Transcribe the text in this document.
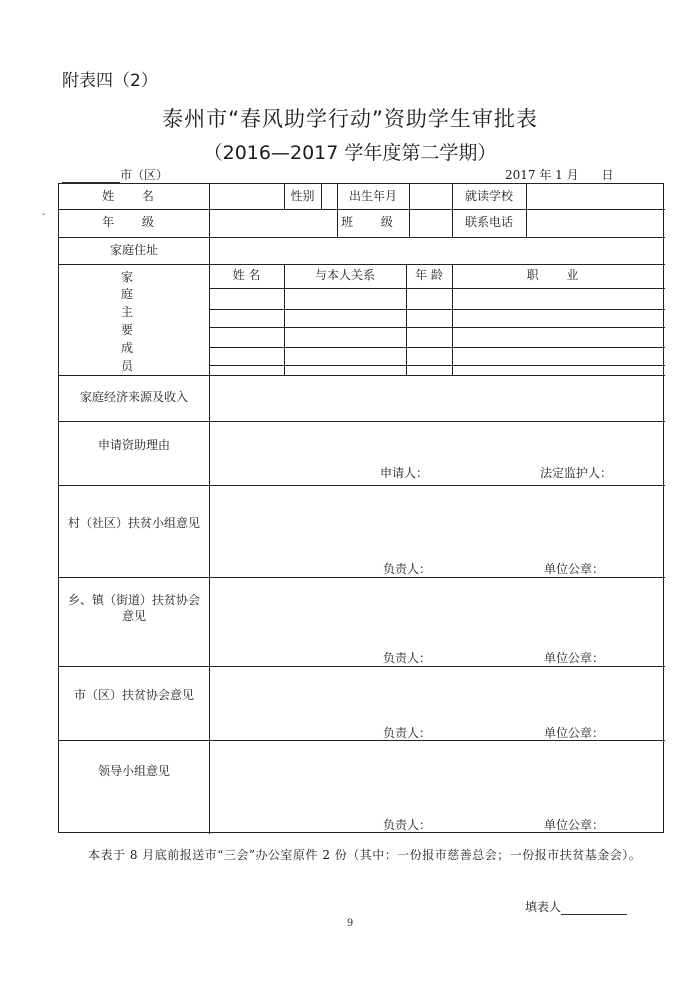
附表四（2）
泰州市“春风助学行动”资助学生审批表
（2016—2017 学年度第二学期）
市（区）	2017 年 1 月      日
-
姓 名	性别	出生年月	就读学校
年 级	班 级	联系电话
家庭住址
家
庭
主
要
成
员
姓 名	与本人关系	年 龄	职 业
家庭经济来源及收入
申请资助理由
申请人：	法定监护人：
村（社区）扶贫小组意见
负责人：	单位公章：
乡、镇（街道）扶贫协会
意见
负责人：	单位公章：
市（区）扶贫协会意见
负责人：	单位公章：
领导小组意见
负责人：	单位公章：
本表于 8 月底前报送市“三会”办公室原件 2 份（其中：一份报市慈善总会；一份报市扶贫基金会）。
填表人
9
